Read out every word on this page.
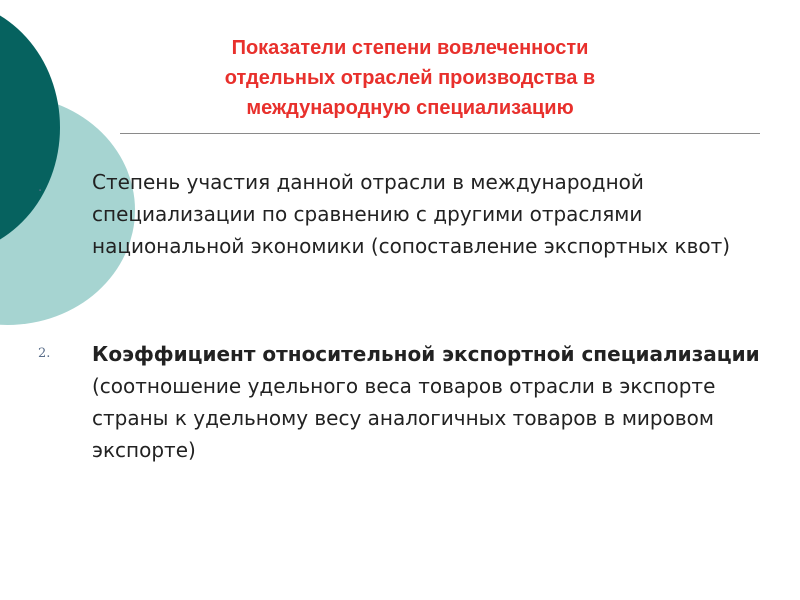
Показатели степени вовлеченности
отдельных отраслей производства в
международную специализацию
. Степень участия данной отрасли в международной специализации по сравнению с другими отраслями национальной экономики (сопоставление экспортных квот)
2. Коэффициент относительной экспортной специализации (соотношение удельного веса товаров отрасли в экспорте страны к удельному весу аналогичных товаров в мировом экспорте)
